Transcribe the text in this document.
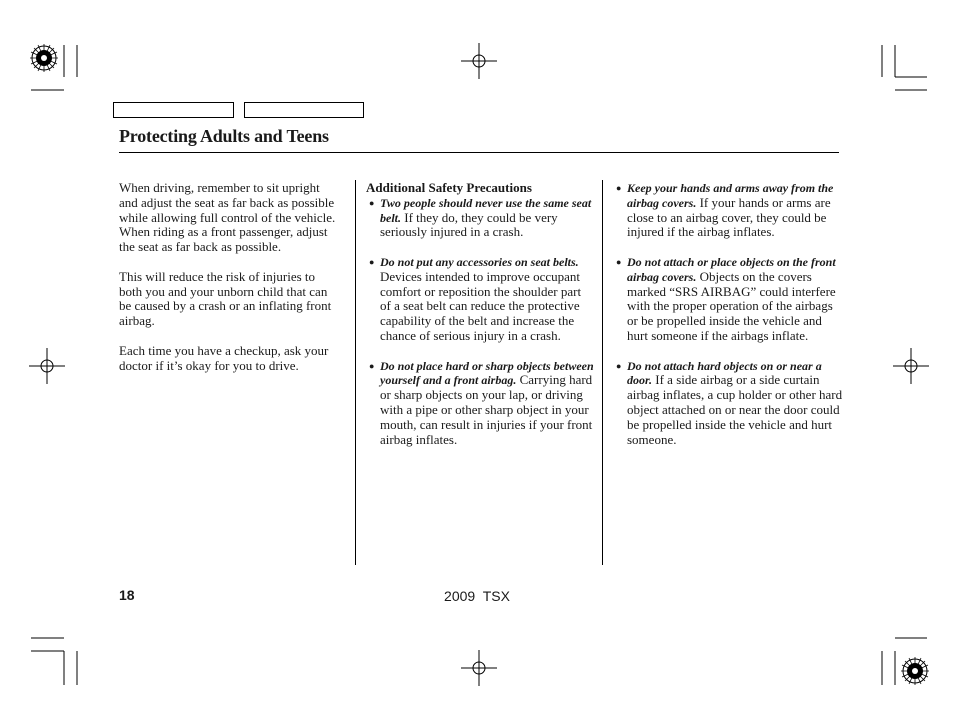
Protecting Adults and Teens

When driving, remember to sit upright and adjust the seat as far back as possible while allowing full control of the vehicle. When riding as a front passenger, adjust the seat as far back as possible.

This will reduce the risk of injuries to both you and your unborn child that can be caused by a crash or an inflating front airbag.

Each time you have a checkup, ask your doctor if it’s okay for you to drive.

Additional Safety Precautions
● Two people should never use the same seat belt. If they do, they could be very seriously injured in a crash.
● Do not put any accessories on seat belts. Devices intended to improve occupant comfort or reposition the shoulder part of a seat belt can reduce the protective capability of the belt and increase the chance of serious injury in a crash.
● Do not place hard or sharp objects between yourself and a front airbag. Carrying hard or sharp objects on your lap, or driving with a pipe or other sharp object in your mouth, can result in injuries if your front airbag inflates.
● Keep your hands and arms away from the airbag covers. If your hands or arms are close to an airbag cover, they could be injured if the airbag inflates.
● Do not attach or place objects on the front airbag covers. Objects on the covers marked “SRS AIRBAG” could interfere with the proper operation of the airbags or be propelled inside the vehicle and hurt someone if the airbags inflate.
● Do not attach hard objects on or near a door. If a side airbag or a side curtain airbag inflates, a cup holder or other hard object attached on or near the door could be propelled inside the vehicle and hurt someone.
18	2009  TSX
